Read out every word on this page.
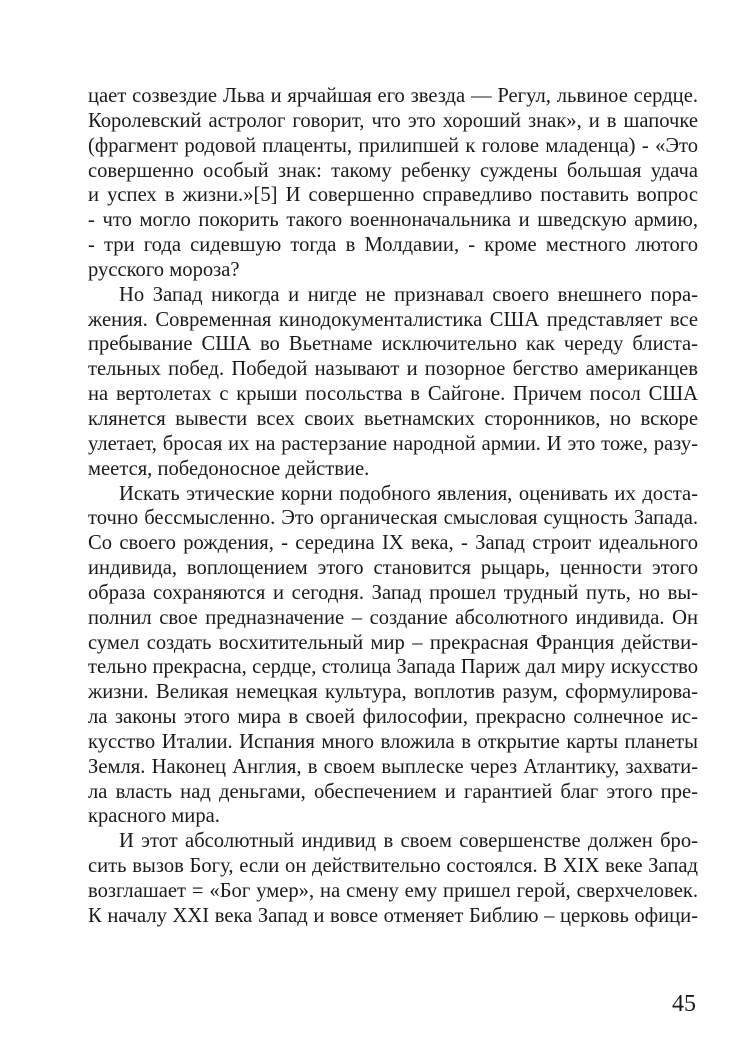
цает созвездие Льва и ярчайшая его звезда — Регул, львиное сердце.
Королевский астролог говорит, что это хороший знак», и в шапочке
(фрагмент родовой плаценты, прилипшей к голове младенца) - «Это
совершенно особый знак: такому ребенку суждены большая удача
и успех в жизни.»[5] И совершенно справедливо поставить вопрос
- что могло покорить такого военноначальника и шведскую армию,
- три года сидевшую тогда в Молдавии, - кроме местного лютого
русского мороза?
Но Запад никогда и нигде не признавал своего внешнего пора-
жения. Современная кинодокументалистика США представляет все
пребывание США во Вьетнаме исключительно как череду блиста-
тельных побед. Победой называют и позорное бегство американцев
на вертолетах с крыши посольства в Сайгоне. Причем посол США
клянется вывести всех своих вьетнамских сторонников, но вскоре
улетает, бросая их на растерзание народной армии. И это тоже, разу-
меется, победоносное действие.
Искать этические корни подобного явления, оценивать их доста-
точно бессмысленно. Это органическая смысловая сущность Запада.
Со своего рождения, - середина IX века, - Запад строит идеального
индивида, воплощением этого становится рыцарь, ценности этого
образа сохраняются и сегодня. Запад прошел трудный путь, но вы-
полнил свое предназначение – создание абсолютного индивида. Он
сумел создать восхитительный мир – прекрасная Франция действи-
тельно прекрасна, сердце, столица Запада Париж дал миру искусство
жизни. Великая немецкая культура, воплотив разум, сформулирова-
ла законы этого мира в своей философии, прекрасно солнечное ис-
кусство Италии. Испания много вложила в открытие карты планеты
Земля. Наконец Англия, в своем выплеске через Атлантику, захвати-
ла власть над деньгами, обеспечением и гарантией благ этого пре-
красного мира.
И этот абсолютный индивид в своем совершенстве должен бро-
сить вызов Богу, если он действительно состоялся. В XIX веке Запад
возглашает = «Бог умер», на смену ему пришел герой, сверхчеловек.
К началу XXI века Запад и вовсе отменяет Библию – церковь офици-
45
